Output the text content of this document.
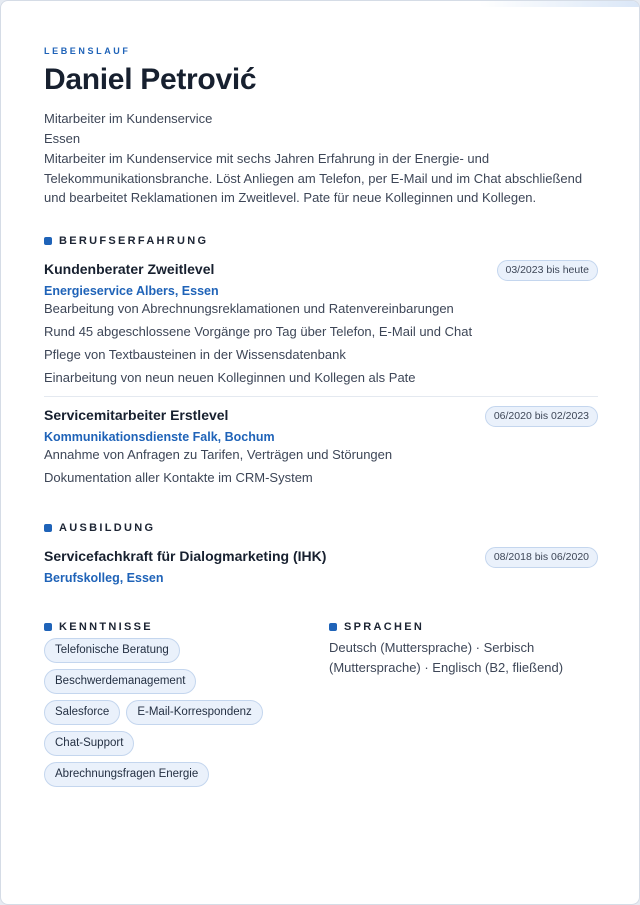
LEBENSLAUF

Daniel Petrović
Mitarbeiter im Kundenservice
Essen

Mitarbeiter im Kundenservice mit sechs Jahren Erfahrung in der Energie- und Telekommunikationsbranche. Löst Anliegen am Telefon, per E-Mail und im Chat abschließend und bearbeitet Reklamationen im Zweitlevel. Pate für neue Kolleginnen und Kollegen.

BERUFSERFAHRUNG
Kundenberater Zweitlevel	03/2023 bis heute
Energieservice Albers, Essen
Bearbeitung von Abrechnungsreklamationen und Ratenvereinbarungen
Rund 45 abgeschlossene Vorgänge pro Tag über Telefon, E-Mail und Chat
Pflege von Textbausteinen in der Wissensdatenbank
Einarbeitung von neun neuen Kolleginnen und Kollegen als Pate
Servicemitarbeiter Erstlevel	06/2020 bis 02/2023
Kommunikationsdienste Falk, Bochum
Annahme von Anfragen zu Tarifen, Verträgen und Störungen
Dokumentation aller Kontakte im CRM-System
AUSBILDUNG
Servicefachkraft für Dialogmarketing (IHK)	08/2018 bis 06/2020
Berufskolleg, Essen
KENNTNISSE
Telefonische Beratung
Beschwerdemanagement
Salesforce	E-Mail-Korrespondenz
Chat-Support
Abrechnungsfragen Energie
SPRACHEN
Deutsch (Muttersprache) · Serbisch (Muttersprache) · Englisch (B2, fließend)
